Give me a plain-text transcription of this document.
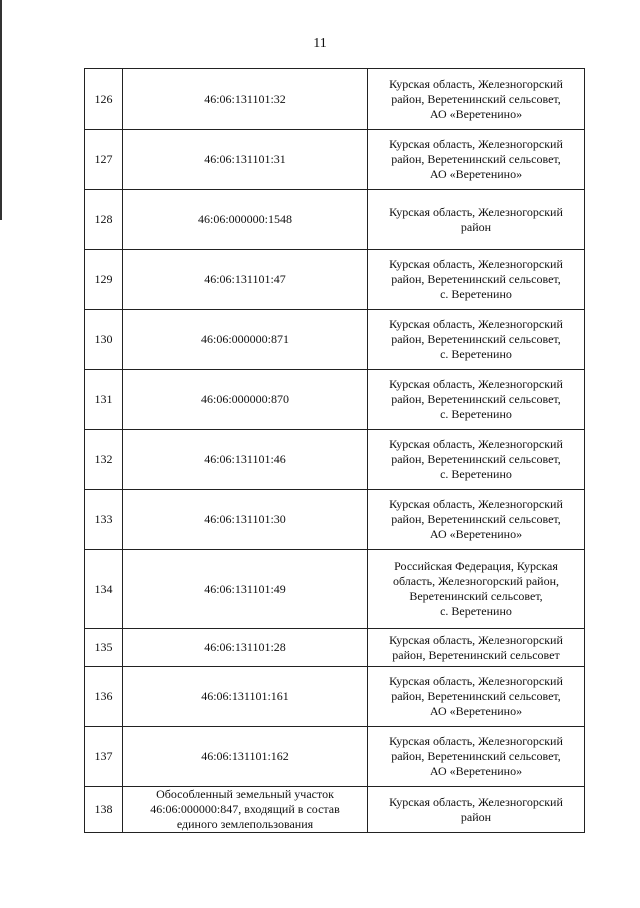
11
126	46:06:131101:32	Курская область, Железногорский
район, Веретенинский сельсовет,
АО «Веретенино»

127	46:06:131101:31	Курская область, Железногорский
район, Веретенинский сельсовет,
АО «Веретенино»

128	46:06:000000:1548	Курская область, Железногорский
район

129	46:06:131101:47	Курская область, Железногорский
район, Веретенинский сельсовет,
с. Веретенино

130	46:06:000000:871	Курская область, Железногорский
район, Веретенинский сельсовет,
с. Веретенино

131	46:06:000000:870	Курская область, Железногорский
район, Веретенинский сельсовет,
с. Веретенино

132	46:06:131101:46	Курская область, Железногорский
район, Веретенинский сельсовет,
с. Веретенино

133	46:06:131101:30	Курская область, Железногорский
район, Веретенинский сельсовет,
АО «Веретенино»

134	46:06:131101:49	Российская Федерация, Курская
область, Железногорский район,
Веретенинский сельсовет,
с. Веретенино

135	46:06:131101:28	Курская область, Железногорский
район, Веретенинский сельсовет

136	46:06:131101:161	Курская область, Железногорский
район, Веретенинский сельсовет,
АО «Веретенино»

137	46:06:131101:162	Курская область, Железногорский
район, Веретенинский сельсовет,
АО «Веретенино»

138	Обособленный земельный участок
46:06:000000:847, входящий в состав
единого землепользования	Курская область, Железногорский
район
